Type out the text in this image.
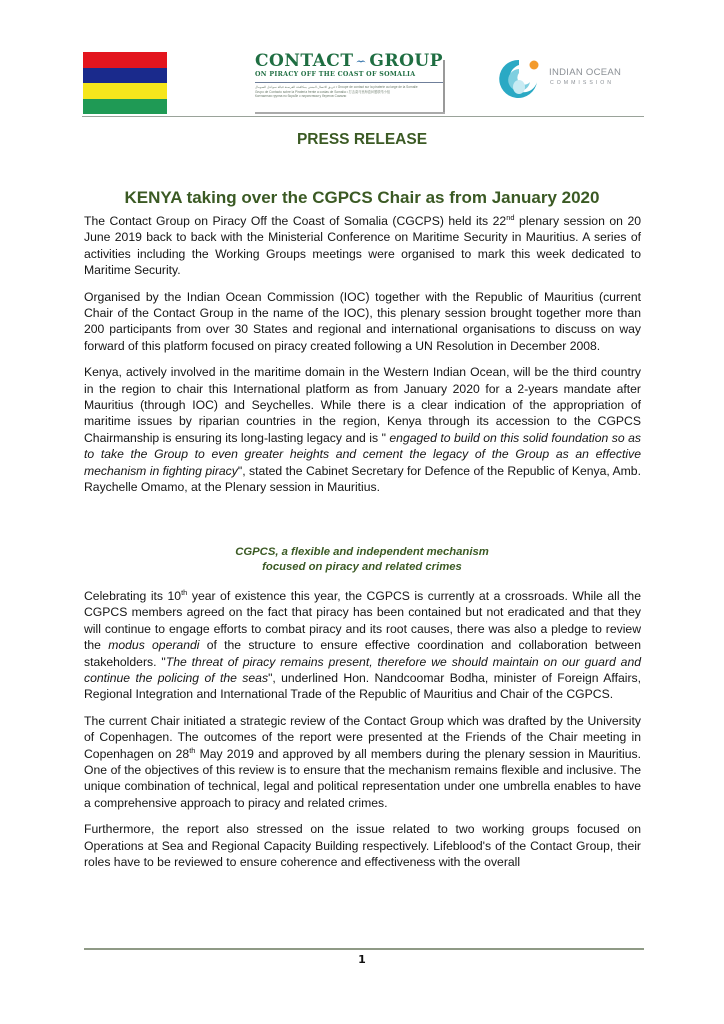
CONTACT GROUP
ON PIRACY OFF THE COAST OF SOMALIA
فريق الاتصال المعني بمكافحة القرصنة قبالة سواحل الصومال • Groupe de contact sur la piraterie au large de la Somalie
Grupo de Contacto sobre la Piratería frente a costas de Somalia • 打击索马里海盗问题联络小组
Контактная группа по борьбе с пиратством у берегов Сомали
INDIAN OCEAN
COMMISSION
PRESS RELEASE
KENYA taking over the CGPCS Chair as from January 2020

The Contact Group on Piracy Off the Coast of Somalia (CGCPS) held its 22nd plenary session on 20 June 2019 back to back with the Ministerial Conference on Maritime Security in Mauritius. A series of activities including the Working Groups meetings were organised to mark this week dedicated to Maritime Security.

Organised by the Indian Ocean Commission (IOC) together with the Republic of Mauritius (current Chair of the Contact Group in the name of the IOC), this plenary session brought together more than 200 participants from over 30 States and regional and international organisations to discuss on way forward of this platform focused on piracy created following a UN Resolution in December 2008.

Kenya, actively involved in the maritime domain in the Western Indian Ocean, will be the third country in the region to chair this International platform as from January 2020 for a 2-years mandate after Mauritius (through IOC) and Seychelles. While there is a clear indication of the appropriation of maritime issues by riparian countries in the region, Kenya through its accession to the CGPCS Chairmanship is ensuring its long-lasting legacy and is " engaged to build on this solid foundation so as to take the Group to even greater heights and cement the legacy of the Group as an effective mechanism in fighting piracy", stated the Cabinet Secretary for Defence of the Republic of Kenya, Amb. Raychelle Omamo, at the Plenary session in Mauritius.

CGPCS, a flexible and independent mechanism
focused on piracy and related crimes

Celebrating its 10th year of existence this year, the CGPCS is currently at a crossroads. While all the CGPCS members agreed on the fact that piracy has been contained but not eradicated and that they will continue to engage efforts to combat piracy and its root causes, there was also a pledge to review the modus operandi of the structure to ensure effective coordination and collaboration between stakeholders. "The threat of piracy remains present, therefore we should maintain on our guard and continue the policing of the seas", underlined Hon. Nandcoomar Bodha, minister of Foreign Affairs, Regional Integration and International Trade of the Republic of Mauritius and Chair of the CGPCS.

The current Chair initiated a strategic review of the Contact Group which was drafted by the University of Copenhagen. The outcomes of the report were presented at the Friends of the Chair meeting in Copenhagen on 28th May 2019 and approved by all members during the plenary session in Mauritius. One of the objectives of this review is to ensure that the mechanism remains flexible and inclusive. The unique combination of technical, legal and political representation under one umbrella enables to have a comprehensive approach to piracy and related crimes.

Furthermore, the report also stressed on the issue related to two working groups focused on Operations at Sea and Regional Capacity Building respectively. Lifeblood's of the Contact Group, their roles have to be reviewed to ensure coherence and effectiveness with the overall

1
